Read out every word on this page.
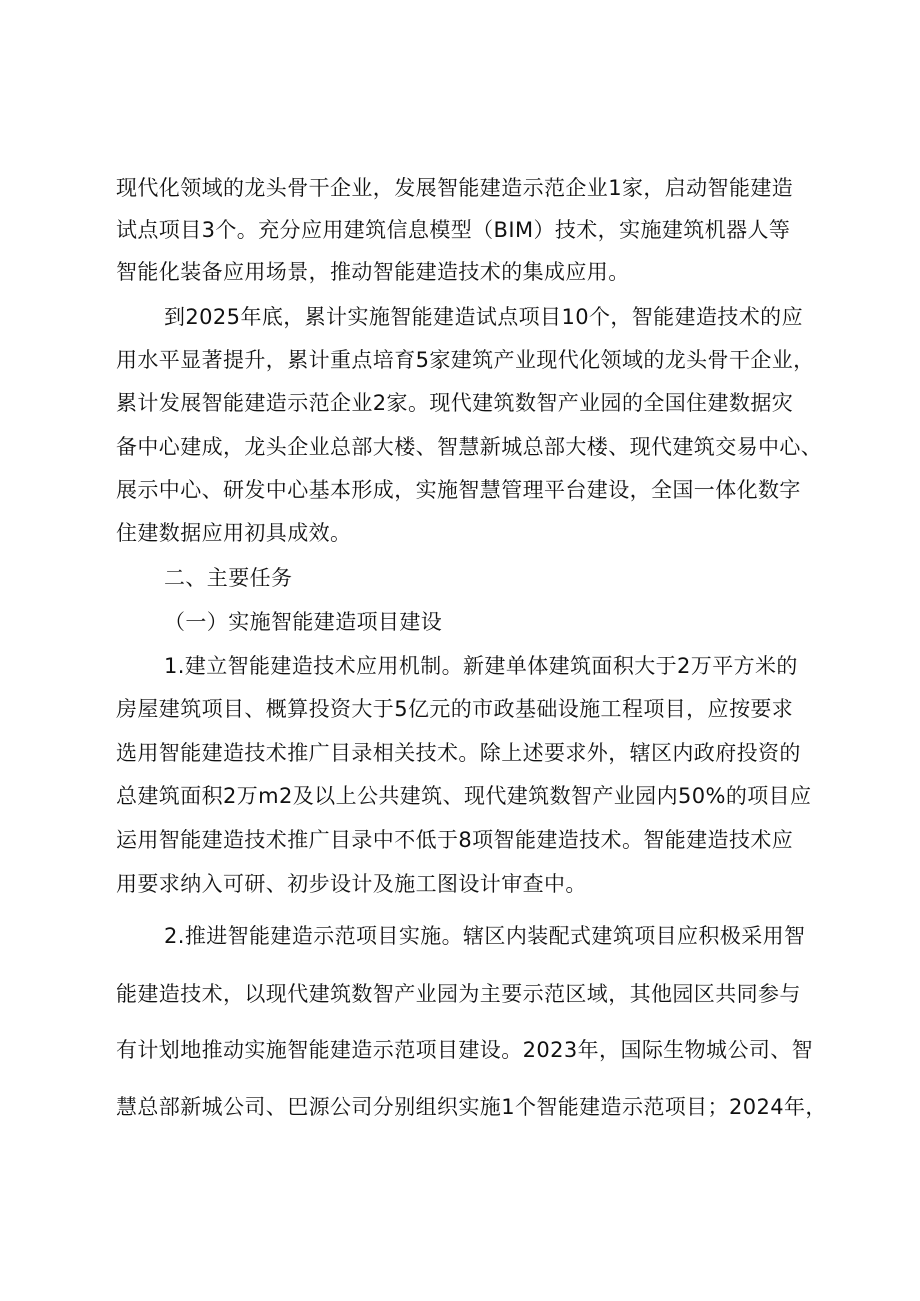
现代化领域的龙头骨干企业，发展智能建造示范企业1家，启动智能建造
试点项目3个。充分应用建筑信息模型（BIM）技术，实施建筑机器人等
智能化装备应用场景，推动智能建造技术的集成应用。
到2025年底，累计实施智能建造试点项目10个，智能建造技术的应
用水平显著提升，累计重点培育5家建筑产业现代化领域的龙头骨干企业，
累计发展智能建造示范企业2家。现代建筑数智产业园的全国住建数据灾
备中心建成，龙头企业总部大楼、智慧新城总部大楼、现代建筑交易中心、
展示中心、研发中心基本形成，实施智慧管理平台建设，全国一体化数字
住建数据应用初具成效。
二、主要任务
（一）实施智能建造项目建设
1.建立智能建造技术应用机制。新建单体建筑面积大于2万平方米的
房屋建筑项目、概算投资大于5亿元的市政基础设施工程项目，应按要求
选用智能建造技术推广目录相关技术。除上述要求外，辖区内政府投资的
总建筑面积2万m2及以上公共建筑、现代建筑数智产业园内50%的项目应
运用智能建造技术推广目录中不低于8项智能建造技术。智能建造技术应
用要求纳入可研、初步设计及施工图设计审查中。
2.推进智能建造示范项目实施。辖区内装配式建筑项目应积极采用智
能建造技术，以现代建筑数智产业园为主要示范区域，其他园区共同参与
有计划地推动实施智能建造示范项目建设。2023年，国际生物城公司、智
慧总部新城公司、巴源公司分别组织实施1个智能建造示范项目；2024年，
